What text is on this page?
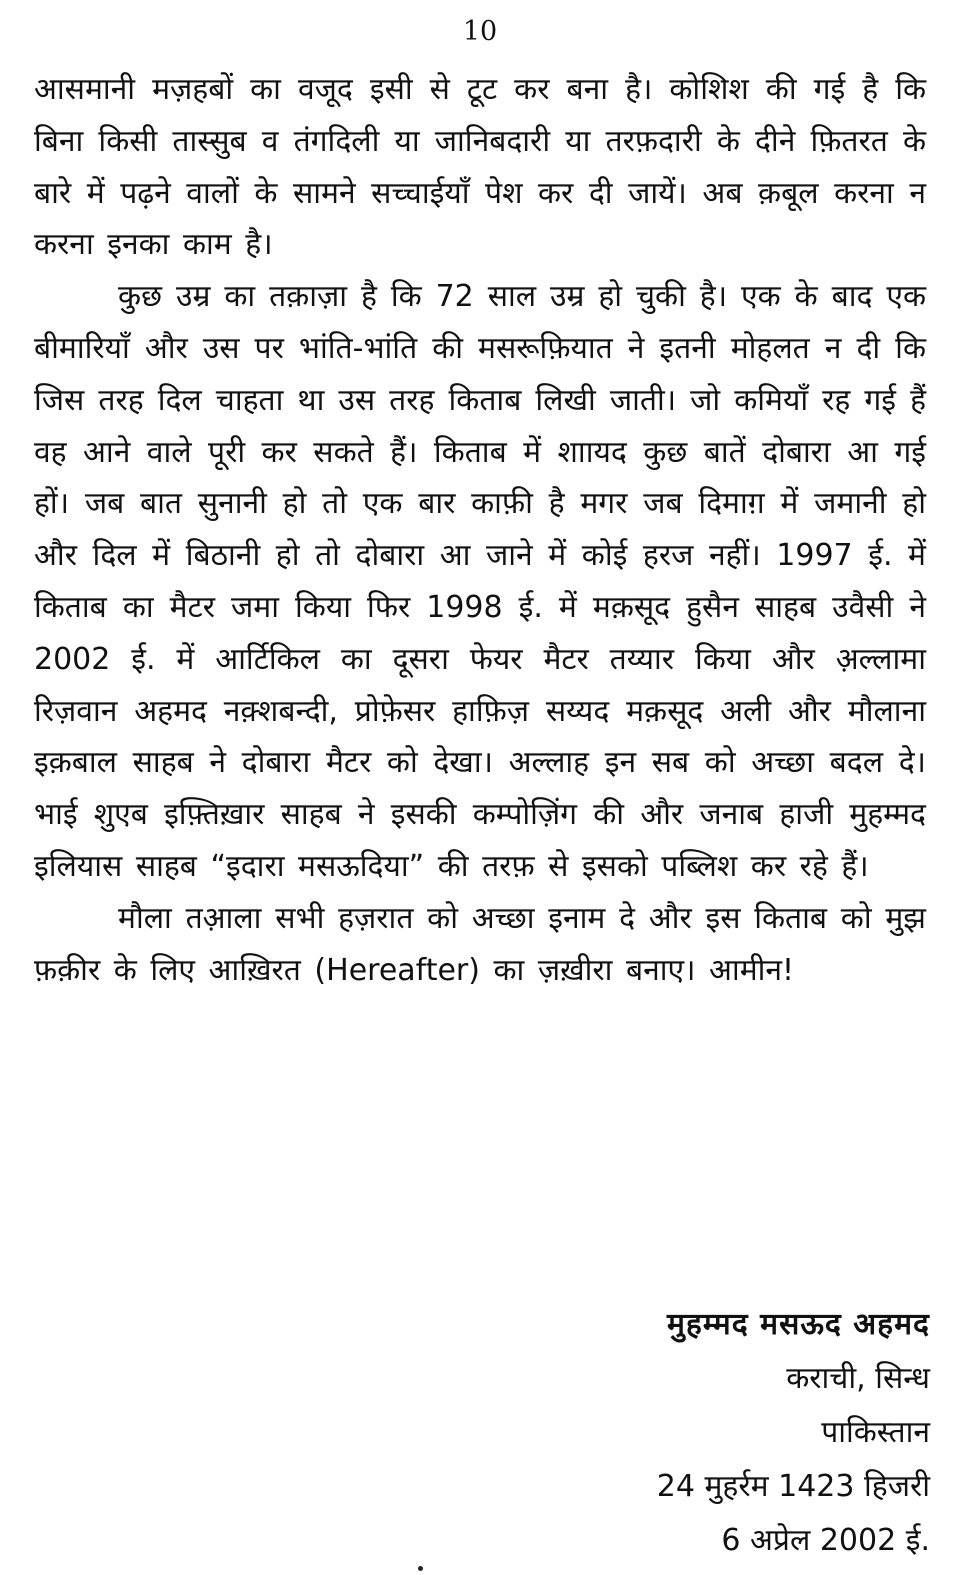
10

आसमानी मज़हबों का वजूद इसी से टूट कर बना है। कोशिश की गई है कि बिना किसी तास्सुब व तंगदिली या जानिबदारी या तरफ़दारी के दीने फ़ितरत के बारे में पढ़ने वालों के सामने सच्चाईयाँ पेश कर दी जायें। अब क़बूल करना न करना इनका काम है।

कुछ उम्र का तक़ाज़ा है कि 72 साल उम्र हो चुकी है। एक के बाद एक बीमारियाँ और उस पर भांति-भांति की मसरूफ़ियात ने इतनी मोहलत न दी कि जिस तरह दिल चाहता था उस तरह किताब लिखी जाती। जो कमियाँ रह गई हैं वह आने वाले पूरी कर सकते हैं। किताब में शाायद कुछ बातें दोबारा आ गई हों। जब बात सुनानी हो तो एक बार काफ़ी है मगर जब दिमाग़ में जमानी हो और दिल में बिठानी हो तो दोबारा आ जाने में कोई हरज नहीं। 1997 ई. में किताब का मैटर जमा किया फिर 1998 ई. में मक़सूद हुसैन साहब उवैसी ने 2002 ई. में आर्टिकिल का दूसरा फेयर मैटर तय्यार किया और अ़ल्लामा रिज़वान अहमद नक़्शबन्दी, प्रोफ़ेसर हाफ़िज़ सय्यद मक़सूद अली और मौलाना इक़बाल साहब ने दोबारा मैटर को देखा। अल्लाह इन सब को अच्छा बदल दे। भाई शुएब इफ़्तिख़ार साहब ने इसकी कम्पोज़िंग की और जनाब हाजी मुहम्मद इलियास साहब “इदारा मसऊदिया” की तरफ़ से इसको पब्लिश कर रहे हैं।

मौला तआ़ला सभी हज़रात को अच्छा इनाम दे और इस किताब को मुझ फ़क़ीर के लिए आख़िरत (Hereafter) का ज़ख़ीरा बनाए। आमीन!

मुहम्मद मसऊद अहमद
कराची, सिन्ध
पाकिस्तान
24 मुहर्रम 1423 हिजरी
6 अप्रेल 2002 ई.
